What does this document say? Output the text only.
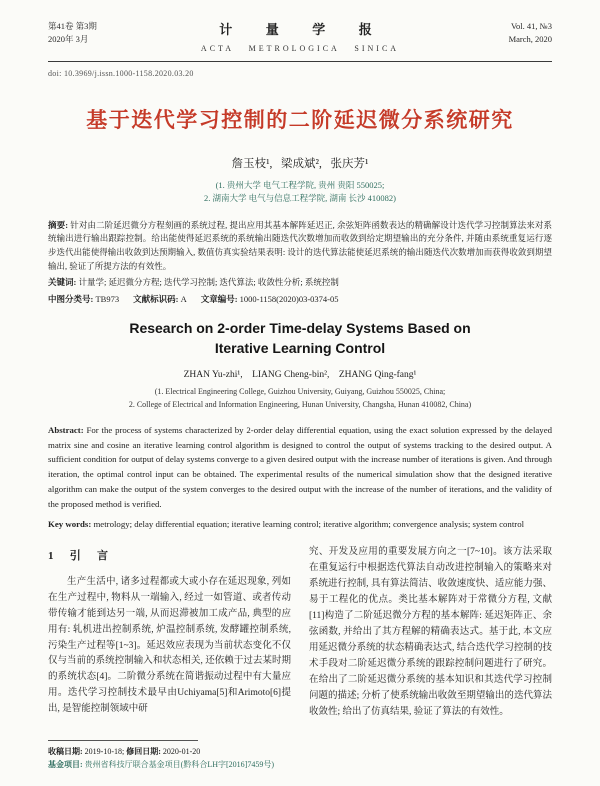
第41卷 第3期
2020年 3月
计  量  学  报
ACTA   METROLOGICA   SINICA
Vol. 41, №3
March, 2020
doi: 10.3969/j.issn.1000-1158.2020.03.20
基于迭代学习控制的二阶延迟微分系统研究
詹玉枝¹,   梁成斌²,   张庆芳¹
(1. 贵州大学 电气工程学院, 贵州 贵阳 550025;
2. 湖南大学 电气与信息工程学院, 湖南 长沙 410082)

摘要: 针对由二阶延迟微分方程刻画的系统过程, 提出应用其基本解阵延迟正, 余弦矩阵函数表达的精确解设计迭代学习控制算法来对系统输出进行输出跟踪控制。给出能使得延迟系统的系统输出随迭代次数增加而收敛到给定期望输出的充分条件, 并随由系统重复运行逐步迭代出能使得输出收敛到达预期输入, 数值仿真实验结果表明: 设计的迭代算法能使延迟系统的输出随迭代次数增加而获得收敛到期望输出, 验证了所提方法的有效性。

关键词: 计量学; 延迟微分方程; 迭代学习控制; 迭代算法; 收敛性分析; 系统控制

中图分类号: TB973 文献标识码: A 文章编号: 1000-1158(2020)03-0374-05

Research on 2-order Time-delay Systems Based on Iterative Learning Control
ZHAN Yu-zhi¹,    LIANG Cheng-bin²,    ZHANG Qing-fang¹
(1. Electrical Engineering College, Guizhou University, Guiyang, Guizhou 550025, China;
2. College of Electrical and Information Engineering, Hunan University, Changsha, Hunan 410082, China)

Abstract: For the process of systems characterized by 2-order delay differential equation, using the exact solution expressed by the delayed matrix sine and cosine an iterative learning control algorithm is designed to control the output of systems tracking to the desired output. A sufficient condition for output of delay systems converge to a given desired output with the increase number of iterations is given. And through iteration, the optimal control input can be obtained. The experimental results of the numerical simulation show that the designed iterative algorithm can make the output of the system converges to the desired output with the increase of the number of iterations, and the validity of the proposed method is verified.

Key words: metrology; delay differential equation; iterative learning control; iterative algorithm; convergence analysis; system control

1   引   言

生产生活中, 诸多过程都或大或小存在延迟现象, 列如在生产过程中, 物料从一端输入, 经过一如管道、或者传动带传输才能到达另一端, 从而迟滞被加工成产品, 典型的应用有: 轧机进出控制系统, 炉温控制系统, 发酵罐控制系统, 污染生产过程等[1~3]。延迟效应表现为当前状态变化不仅仅与当前的系统控制输入和状态相关, 还依赖于过去某时期的系统状态[4]。二阶微分系统在简谐振动过程中有大量应用。迭代学习控制技术最早由Uchiyama[5]和Arimoto[6]提出, 是智能控制领域中研

究、开发及应用的重要发展方向之一[7~10]。该方法采取在重复运行中根据迭代算法自动改进控制输入的策略来对系统进行控制, 具有算法简洁、收敛速度快、适应能力强、易于工程化的优点。类比基本解阵对于常微分方程, 文献[11]构造了二阶延迟微分方程的基本解阵: 延迟矩阵正、余弦函数, 并给出了其方程解的精确表达式。基于此, 本文应用延迟微分系统的状态精确表达式, 结合迭代学习控制的技术手段对二阶延迟微分系统的跟踪控制问题进行了研究。在给出了二阶延迟微分系统的基本知识和其迭代学习控制问题的描述; 分析了使系统输出收敛至期望输出的迭代算法收敛性; 给出了仿真结果, 验证了算法的有效性。

收稿日期: 2019-10-18; 修回日期: 2020-01-20
基金项目: 贵州省科技厅联合基金项目(黔科合LH字[2016]7459号)
